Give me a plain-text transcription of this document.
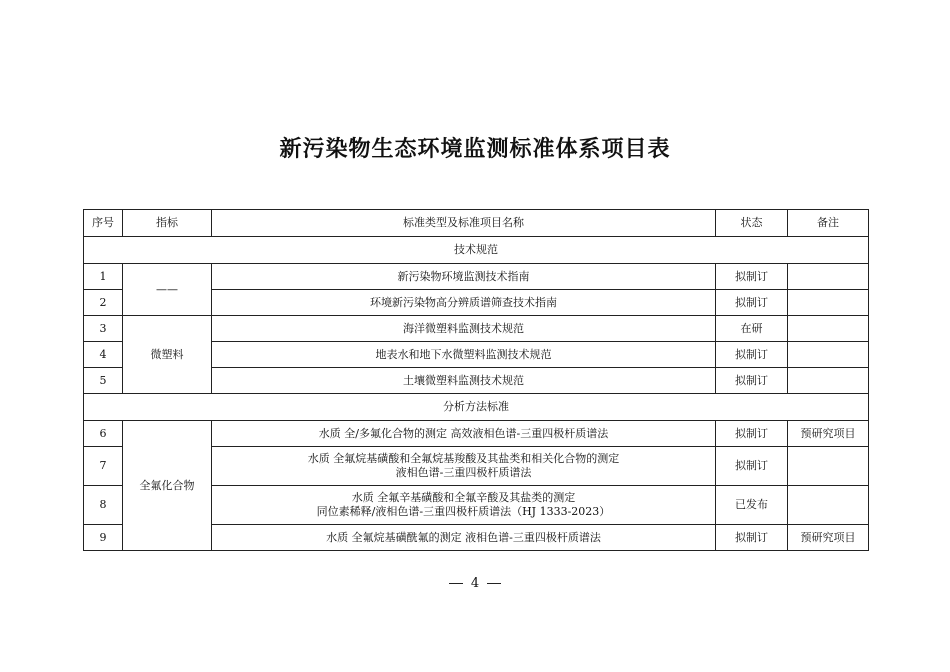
新污染物生态环境监测标准体系项目表
序号	指标	标准类型及标准项目名称	状态	备注
技术规范				
1	——	新污染物环境监测技术指南	拟制订	
2		环境新污染物高分辨质谱筛查技术指南	拟制订	
3	微塑料	海洋微塑料监测技术规范	在研	
4		地表水和地下水微塑料监测技术规范	拟制订	
5		土壤微塑料监测技术规范	拟制订	
分析方法标准				
6	全氟化合物	水质 全/多氟化合物的测定 高效液相色谱-三重四极杆质谱法	拟制订	预研究项目
7		水质 全氟烷基磺酸和全氟烷基羧酸及其盐类和相关化合物的测定
液相色谱-三重四极杆质谱法	拟制订	
8		水质 全氟辛基磺酸和全氟辛酸及其盐类的测定
同位素稀释/液相色谱-三重四极杆质谱法（HJ 1333-2023）	已发布	
9		水质 全氟烷基磺酰氟的测定 液相色谱-三重四极杆质谱法	拟制订	预研究项目
4
